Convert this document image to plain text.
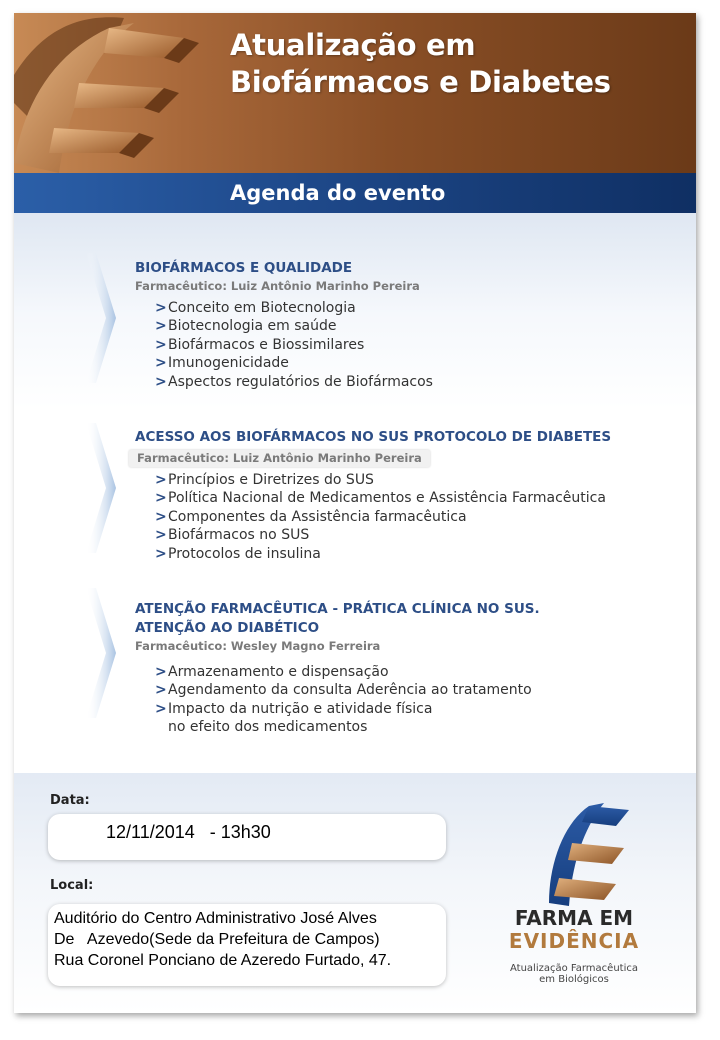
Atualização em
Biofármacos e Diabetes
Agenda do evento
BIOFÁRMACOS E QUALIDADE

Farmacêutico: Luiz Antônio Marinho Pereira

> Conceito em Biotecnologia
> Biotecnologia em saúde
> Biofármacos e Biossimilares
> Imunogenicidade
> Aspectos regulatórios de Biofármacos
ACESSO AOS BIOFÁRMACOS NO SUS PROTOCOLO DE DIABETES

Farmacêutico: Luiz Antônio Marinho Pereira

> Princípios e Diretrizes do SUS
> Política Nacional de Medicamentos e Assistência Farmacêutica
> Componentes da Assistência farmacêutica
> Biofármacos no SUS
> Protocolos de insulina
ATENÇÃO FARMACÊUTICA - PRÁTICA CLÍNICA NO SUS.
ATENÇÃO AO DIABÉTICO

Farmacêutico: Wesley Magno Ferreira

> Armazenamento e dispensação
> Agendamento da consulta Aderência ao tratamento
> Impacto da nutrição e atividade física
no efeito dos medicamentos

Data:

12/11/2014   - 13h30

Local:

Auditório do Centro Administrativo José Alves
De   Azevedo(Sede da Prefeitura de Campos)
Rua Coronel Ponciano de Azeredo Furtado, 47.

FARMA EM

EVIDÊNCIA

Atualização Farmacêutica
em Biológicos
